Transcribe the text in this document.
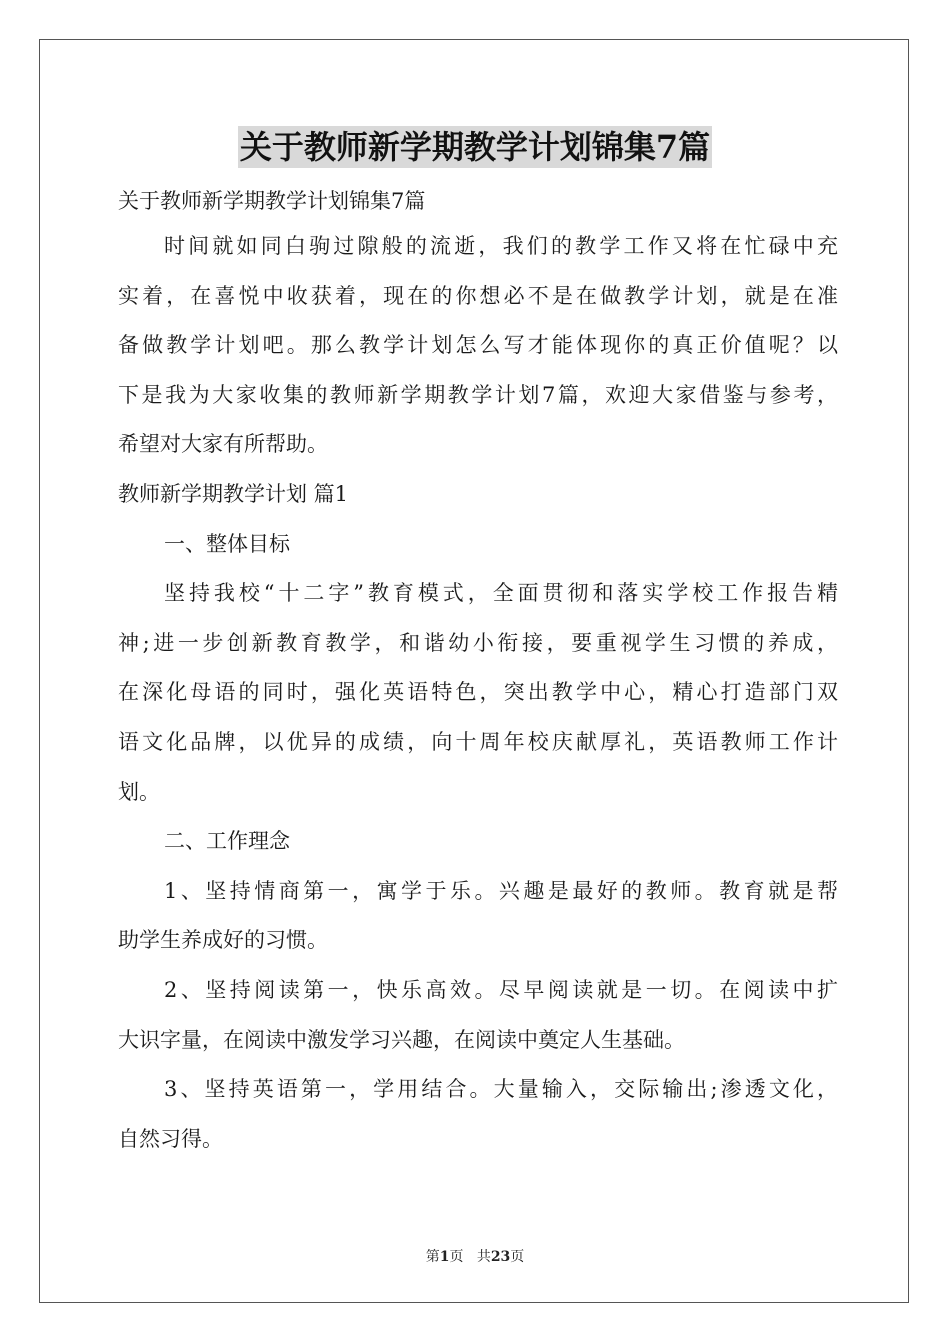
关于教师新学期教学计划锦集7篇
关于教师新学期教学计划锦集7篇
时间就如同白驹过隙般的流逝，我们的教学工作又将在忙碌中充
实着，在喜悦中收获着，现在的你想必不是在做教学计划，就是在准
备做教学计划吧。那么教学计划怎么写才能体现你的真正价值呢？以
下是我为大家收集的教师新学期教学计划7篇，欢迎大家借鉴与参考，
希望对大家有所帮助。
教师新学期教学计划 篇1
一、整体目标
坚持我校“十二字”教育模式，全面贯彻和落实学校工作报告精
神;进一步创新教育教学，和谐幼小衔接，要重视学生习惯的养成，
在深化母语的同时，强化英语特色，突出教学中心，精心打造部门双
语文化品牌，以优异的成绩，向十周年校庆献厚礼，英语教师工作计
划。
二、工作理念
1、坚持情商第一，寓学于乐。兴趣是最好的教师。教育就是帮
助学生养成好的习惯。
2、坚持阅读第一，快乐高效。尽早阅读就是一切。在阅读中扩
大识字量，在阅读中激发学习兴趣，在阅读中奠定人生基础。
3、坚持英语第一，学用结合。大量输入，交际输出;渗透文化，
自然习得。
第1页 共23页
